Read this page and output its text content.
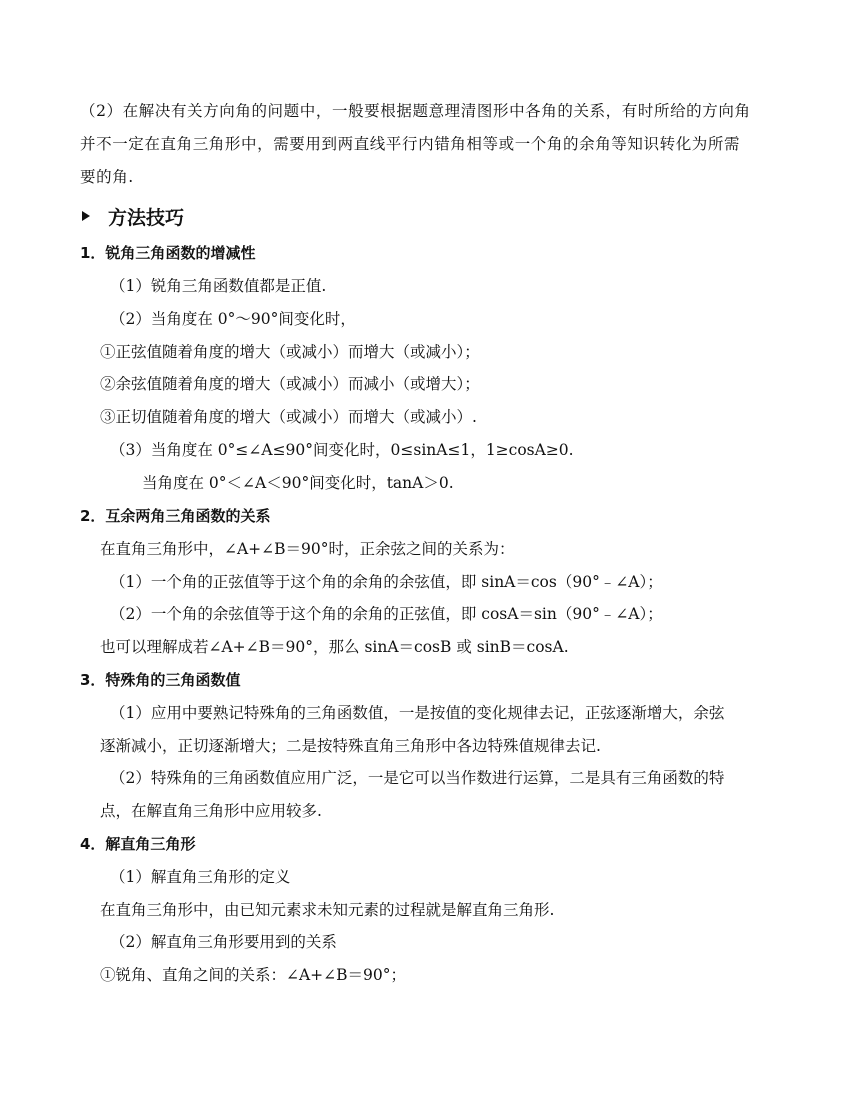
（2）在解决有关方向角的问题中，一般要根据题意理清图形中各角的关系，有时所给的方向角
并不一定在直角三角形中，需要用到两直线平行内错角相等或一个角的余角等知识转化为所需
要的角.
方法技巧
1．锐角三角函数的增减性
（1）锐角三角函数值都是正值.
（2）当角度在 0°～90°间变化时，
①正弦值随着角度的增大（或减小）而增大（或减小）；
②余弦值随着角度的增大（或减小）而减小（或增大）；
③正切值随着角度的增大（或减小）而增大（或减小）.
（3）当角度在 0°≤∠A≤90°间变化时，0≤sinA≤1，1≥cosA≥0.
当角度在 0°＜∠A＜90°间变化时，tanA＞0.
2．互余两角三角函数的关系
在直角三角形中，∠A+∠B＝90°时，正余弦之间的关系为：
（1）一个角的正弦值等于这个角的余角的余弦值，即 sinA＝cos（90°﹣∠A）；
（2）一个角的余弦值等于这个角的余角的正弦值，即 cosA＝sin（90°﹣∠A）；
也可以理解成若∠A+∠B＝90°，那么 sinA＝cosB 或 sinB＝cosA.
3．特殊角的三角函数值
（1）应用中要熟记特殊角的三角函数值，一是按值的变化规律去记，正弦逐渐增大，余弦
逐渐减小，正切逐渐增大；二是按特殊直角三角形中各边特殊值规律去记.
（2）特殊角的三角函数值应用广泛，一是它可以当作数进行运算，二是具有三角函数的特
点，在解直角三角形中应用较多.
4．解直角三角形
（1）解直角三角形的定义
在直角三角形中，由已知元素求未知元素的过程就是解直角三角形.
（2）解直角三角形要用到的关系
①锐角、直角之间的关系：∠A+∠B＝90°；
